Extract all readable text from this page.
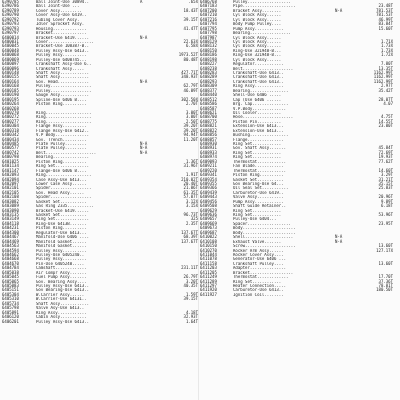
6390785	Ball Joint-Use 30894..	A	.65X
6390786	Ball Joint-Use ...
6390789	Cover Assy.........	18.43T
6390790	Cover Assy-Use 6419..
6390792	Tubing Cover Assy.	39.15T
6390793	Idler Sprocket Assy.
6390793	Housing..............	41.47T
6390797	Bracket..............
6400014	Bracket-Use 6419......	N-A
6400031	Cover...................	22.63X
6400045	Bracket-Use 108387-B..	6.58X
6400048	Pulley Assy-Use 6413..
6400068	Pulley Assy..........	1973.52T
6400069	Pulley-Use 6400745...	80.48T
6400097	Crankshaft Assy-Use 6..
6400096	Crankshaft Assy.....
6400148	Shaft Assy............	427.71T
6400155	Shaft Assy............	348.93T
6400164	Gov. Head.............	N-A
6400168	Pulley.................	62.79T
6400185	Pulley.................	46.09T
6400190	Gauge Assy............
6400195	Spline-Use 6406 B....	302.50X
6400264	Piston Ring..........	2.70T
6400268
6400270	Ring...................	3.00T
6400272	Ring...................	3.00T
6400277	Ring...................	2.50T
6400304	Flange Assy..........	39.20T
6400318	Flange Assy-Use 6412..	39.20T
6400342	V.P Body..............	94.94T
6400434	Gov. Trench..........	11.20T
6400485	Plate Pulley.........	N-A
6400577	Plate Pulley.........	N-A
6400742	Belt.....................	N-A
6400798	Bearing...............
6401025	Piston Ring..........	1.36T
6401134	Ring Set..............	31.96T
6401147	Flange-Use 6406 B....
6402093	Ring...................	1.91T
6402094	Case Assy-Use 6413...	210.02T
6402097	Lower Case Assy......	20.40T
6402101	Spider.................	21.06T
6402105	Gov. Head Assy......	61.35T
6402108	Spider.................	57.07T
6403082	Gasket Set...........	3.12X
6403089	Gas Ring 2335...........	3.15X
6403090	Bracket-Use 6419......
6403135	Gasket Set...........	96.73T
6403149	Ring Set..............	325
6404118	Ring-Use 6413B.......	2.35T
6404231	Piston Ring..........
6404300	Regulator-Use 6413...	137.67T
6404467	Manifold-Use 6406 ....	68.39T
6404469	Manifold Gasket......	137.67T
6404563	Manifold Gasket......
6404594	Pulley Assy..........
6404662	Pulley-Use 6405240..
6404668	Pulley Assy..........
6404670	Pin-Use 6405240.....
6404784	Camshaft.............	231.11T
6405038	Air Compr Assy.......
6405045	Fuel Pump Assy.......	26.79T
6405065	Gov. Bearing Assy....	3.20T
6405083	Pulley Assy-Use 6413..	40.35T
6405151	Gov Bearing-Use 6413..
6405304	W.Carrier Assy......	1.59T
6405310	W.Carrier-Use 64131..	39.15T
6405734	Shaft Assy............
6405798	Valve Asy-Use 6413..
6405891	Ring Assy............	4.18T
6406120	Cabin Assy...........	32.93T
6406201	Pulley Assy-Use 6413..	1.64T
6406768	Pulley..................
6407183	Pipe......................	23.48T
6407200	Bracket Assy........	N-A	781.53T
6407210	Cyl Block Assy......	781.53T
6407216	Cyl Block Assy......	46.99T
6407794	Body Pump Pulley....	83.84T
6407795	Pump Assy............	15.60T
6407798	Bearing.................
6407987	Cyl Block Assy......
6408129	Cyl Block Assy......	1.71X
6408132	Cyl Block Assy......	1.73X
6408150	Ring-Use 321948-B...	1.73X
6408186	Ring-Use 321948-B...	1.72X
6408198	Cyl Block Assy......
6408227	Regulator............	7.80T
6408238	Belt.....................	13.35T
6408283	Crankshaft-Use 6413..	1162.99T
6408289	Crankshaft-Use 6413..	1162.99T
6408293	Crankshaft-Use 6413..	1162.99T
6408309	Ring Assy............	2.97T
6408377	Bearing................	35.42T
6408440	Shell-Use 6406 .....
6408512	Cap (Use 6406 ......	28.07T
6408586	Brg. Cap...............	4.07
6408587	V.P.Body..............
6408621	Oil Cooler..........
6408700	Hose.....................	4.75T
6408775	Piston Pin..........	14.55T
6408821	Extension-Use 6413...	23.00T
6408822	Extension-Use 6413...
6408856	Bushing................
6408857	Flange...............
6408930	Ring Set............
6408931	Gov. Shaft Assy.......	45.84T
6408933	Ring Set............	72.69T
6408974	Ring Set............	19.93T
6409093	Thermostat............	77.62T
6409211	Fan Blade............
6409220	Thermostat............	14.60T
6409341	Piston Ring..........	3.29T
6409354	Gasket Set...........	31.21T
6409355	Gov Bearing-Use 64...	35.15T
6409366	Oil Seal Set...........	25.83T
6409439	Carburetor-Use 6419..
6409443	Valve Assy...........	20.96T
6409456	Pump Assy............	9.89T
6409508	Shaft Guide Retainer..	6.18T
6409629	Ring Set............
6409636	Ring Set............	53.96T
6409657	Pulley-Use 6404...
6409669	Spacer..................	23.95T
6409673	Body......................
6409687	Body......................
6410022	Shell....................	N-A
6410108	Exhaust Valve.......	N-A
6410150	Screw.....................	13.60T
6410270	Rocker Arm Assy......	127.17X
6411044	Rocker Cover Assy....
6411078	Generator-Use 6406 ...
6411158	Crankshaft Pulley....	13.60T
6411203	Adapter...............
6411205	Bracket..................
6411249	Thermostat.............	17.70T
6411289	Ring Set............	37.36T
6411297	Heater Connection.....	78.81T
6411920	Carburetor-Use 6413..	180.50T
6411927	Ignition Coil........
